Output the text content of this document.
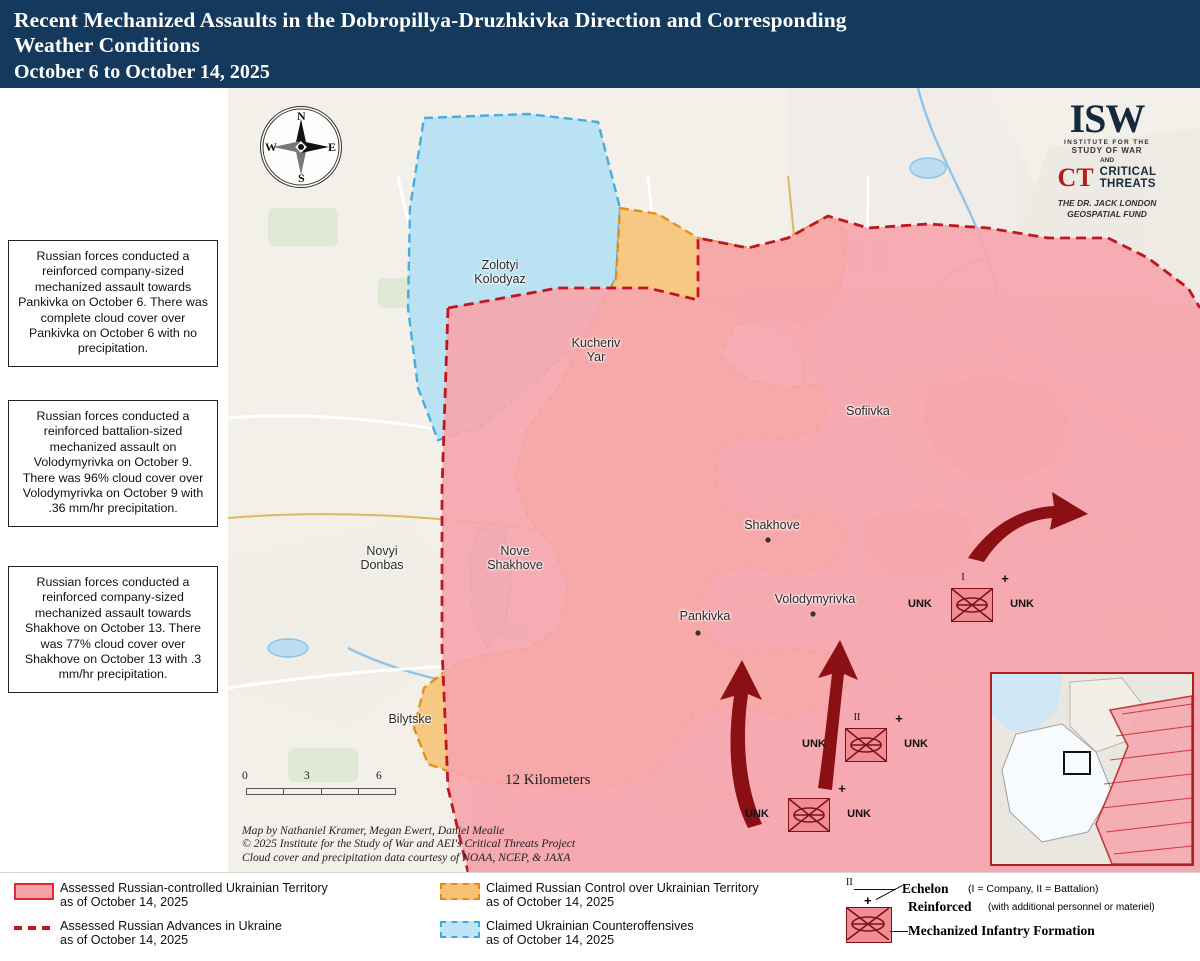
Recent Mechanized Assaults in the Dobropillya-Druzhkivka Direction and Corresponding
Weather Conditions
October 6 to October 14, 2025
Russian forces conducted a reinforced company-sized mechanized assault towards Pankivka on October 6. There was complete cloud cover over Pankivka on October 6 with no precipitation.
Russian forces conducted a reinforced battalion-sized mechanized assault on Volodymyrivka on October 9. There was 96% cloud cover over Volodymyrivka on October 9 with .36 mm/hr precipitation.
Russian forces conducted a reinforced company-sized mechanized assault towards Shakhove on October 13. There was 77% cloud cover over Shakhove on October 13 with .3 mm/hr precipitation.
N
S
W	E
ISW
INSTITUTE FOR THE
STUDY OF WAR
AND
CT CRITICAL
THREATS
THE DR. JACK LONDON
GEOSPATIAL FUND
Zolotyi
Kolodyaz
Kucheriv
Yar
Sofiivka
Shakhove
Nove
Shakhove
Novyi
Donbas
Volodymyrivka
Pankivka
Bilytske
I	+
UNK	UNK
II	+
UNK	UNK
+
UNK	UNK
0	3	6	12 Kilometers
Map by Nathaniel Kramer, Megan Ewert, Daniel Mealie
© 2025 Institute for the Study of War and AEI's Critical Threats Project
Cloud cover and precipitation data courtesy of NOAA, NCEP, & JAXA
Assessed Russian-controlled Ukrainian Territory
as of October 14, 2025
Assessed Russian Advances in Ukraine
as of October 14, 2025
Claimed Russian Control over Ukrainian Territory
as of October 14, 2025
Claimed Ukrainian Counteroffensives
as of October 14, 2025
II	Echelon (I = Company, II = Battalion)
+	Reinforced (with additional personnel or materiel)
Mechanized Infantry Formation
